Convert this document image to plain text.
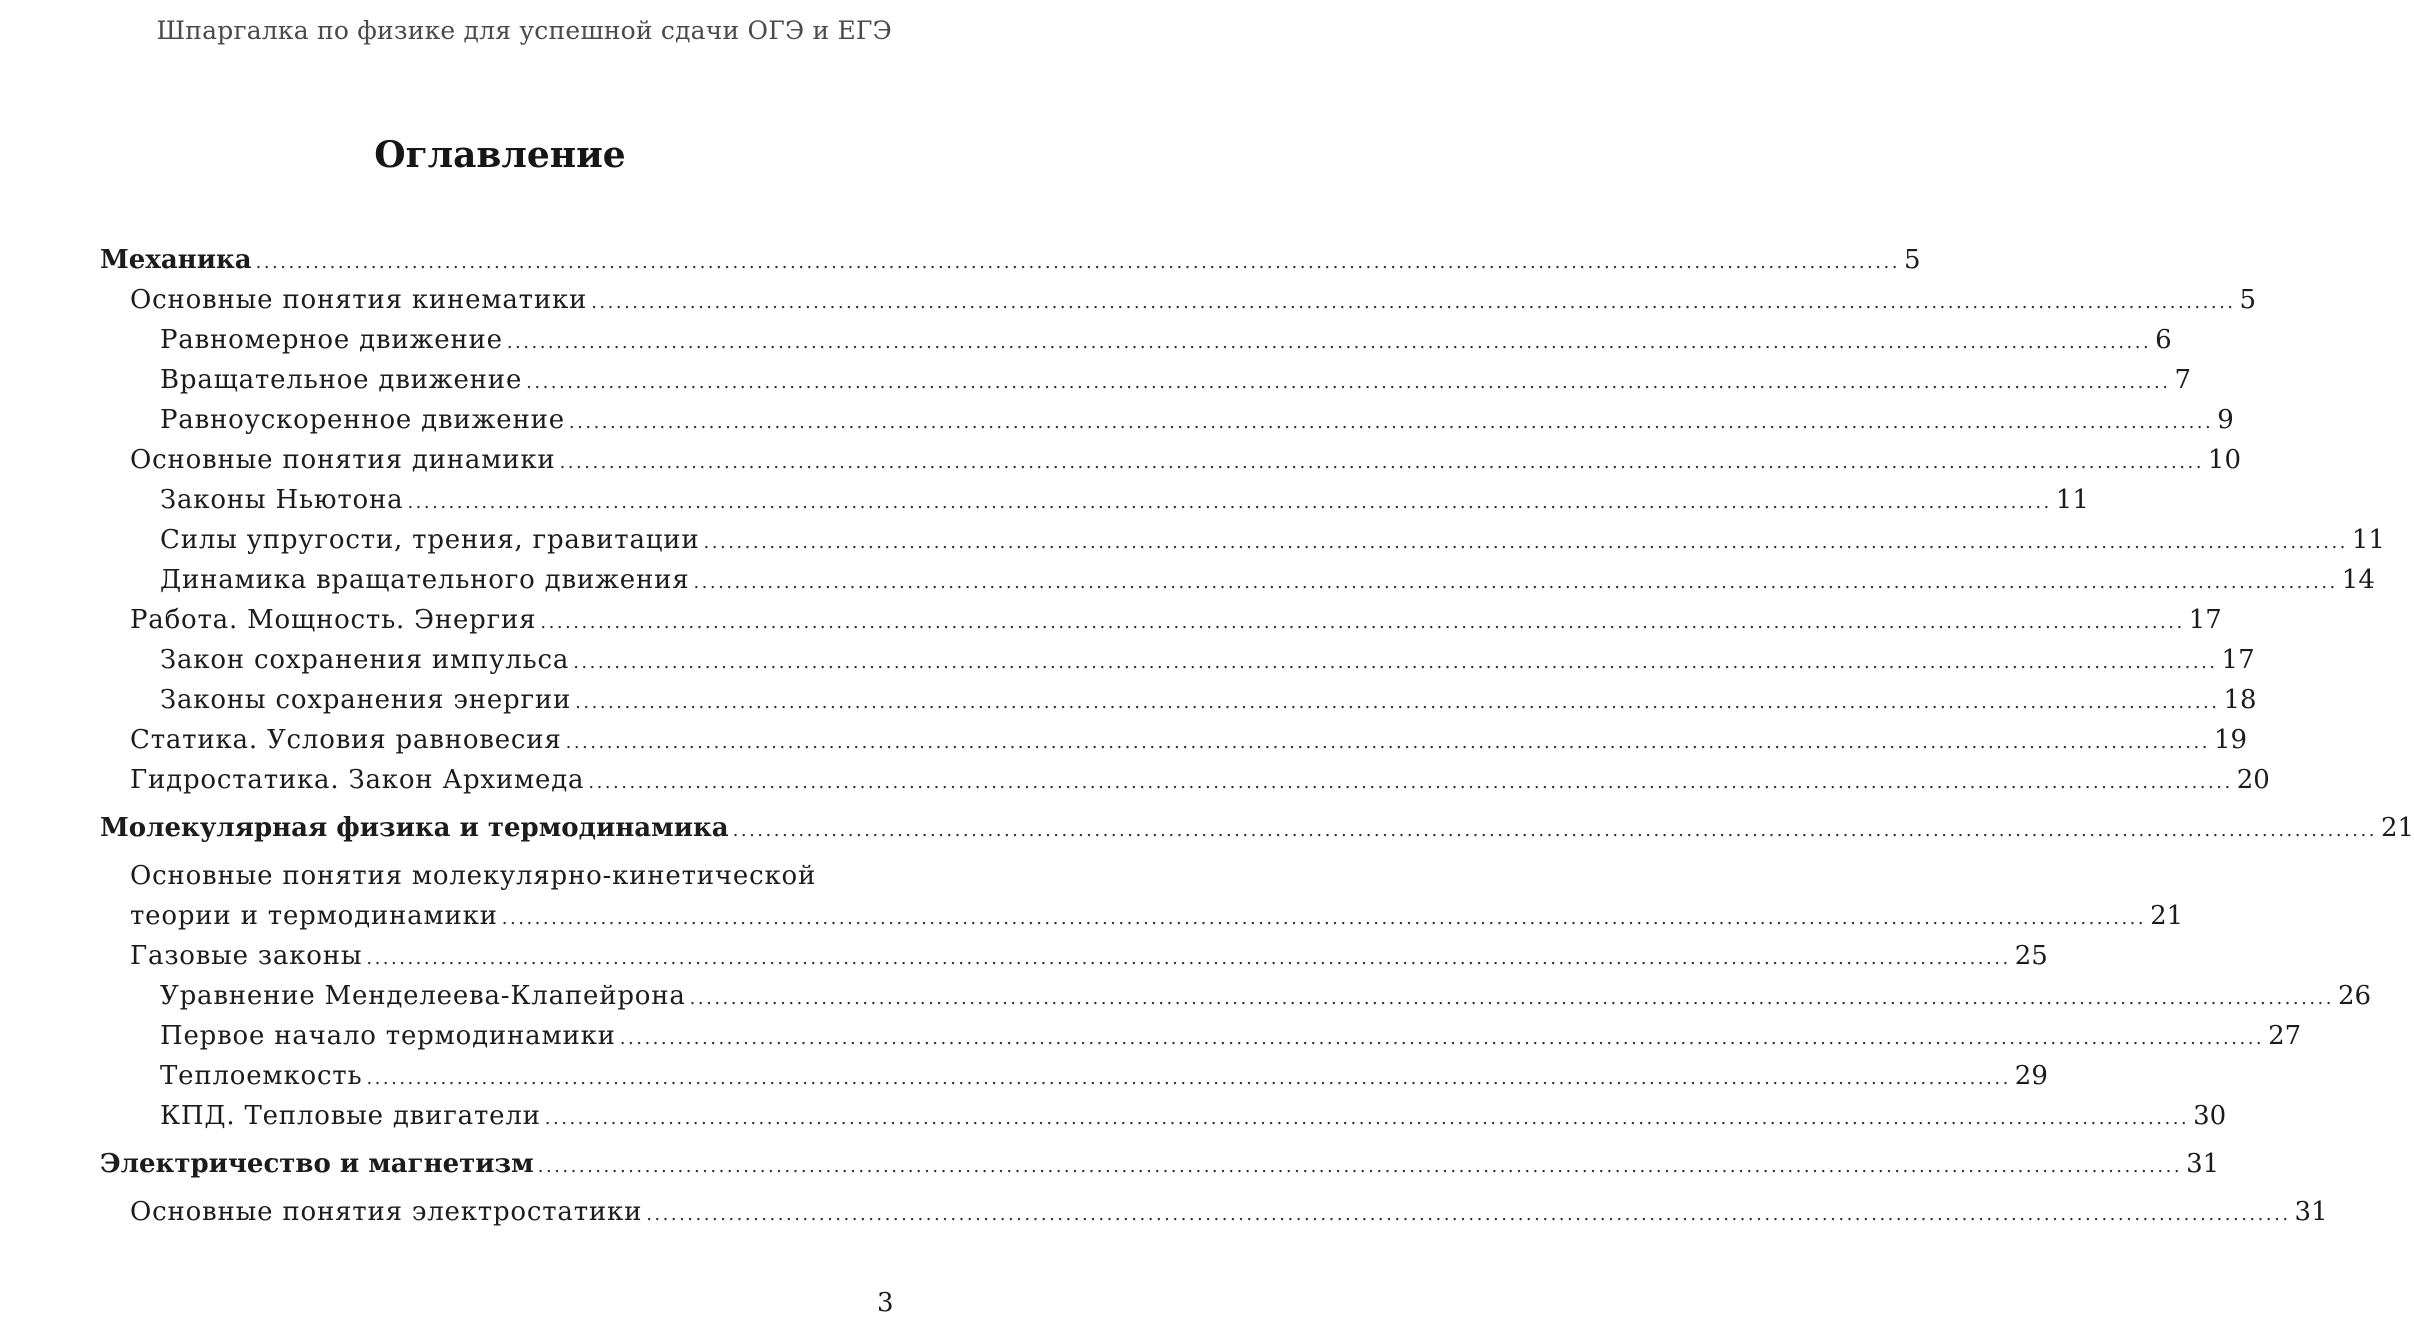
Шпаргалка по физике для успешной сдачи ОГЭ и ЕГЭ
Оглавление
Механика ........................................................................................................................................................................................................ 5
Основные понятия кинематики ........................................................................................................................................................................................................ 5
Равномерное движение ........................................................................................................................................................................................................ 6
Вращательное движение ........................................................................................................................................................................................................ 7
Равноускоренное движение ........................................................................................................................................................................................................ 9
Основные понятия динамики ........................................................................................................................................................................................................ 10
Законы Ньютона ........................................................................................................................................................................................................ 11
Силы упругости, трения, гравитации ........................................................................................................................................................................................................ 11
Динамика вращательного движения ........................................................................................................................................................................................................ 14
Работа. Мощность. Энергия ........................................................................................................................................................................................................ 17
Закон сохранения импульса ........................................................................................................................................................................................................ 17
Законы сохранения энергии ........................................................................................................................................................................................................ 18
Статика. Условия равновесия ........................................................................................................................................................................................................ 19
Гидростатика. Закон Архимеда ........................................................................................................................................................................................................ 20
Молекулярная физика и термодинамика ........................................................................................................................................................................................................ 21
Основные понятия молекулярно-кинетической
теории и термодинамики ........................................................................................................................................................................................................ 21
Газовые законы ........................................................................................................................................................................................................ 25
Уравнение Менделеева-Клапейрона ........................................................................................................................................................................................................ 26
Первое начало термодинамики ........................................................................................................................................................................................................ 27
Теплоемкость ........................................................................................................................................................................................................ 29
КПД. Тепловые двигатели ........................................................................................................................................................................................................ 30
Электричество и магнетизм ........................................................................................................................................................................................................ 31
Основные понятия электростатики ........................................................................................................................................................................................................ 31
3
